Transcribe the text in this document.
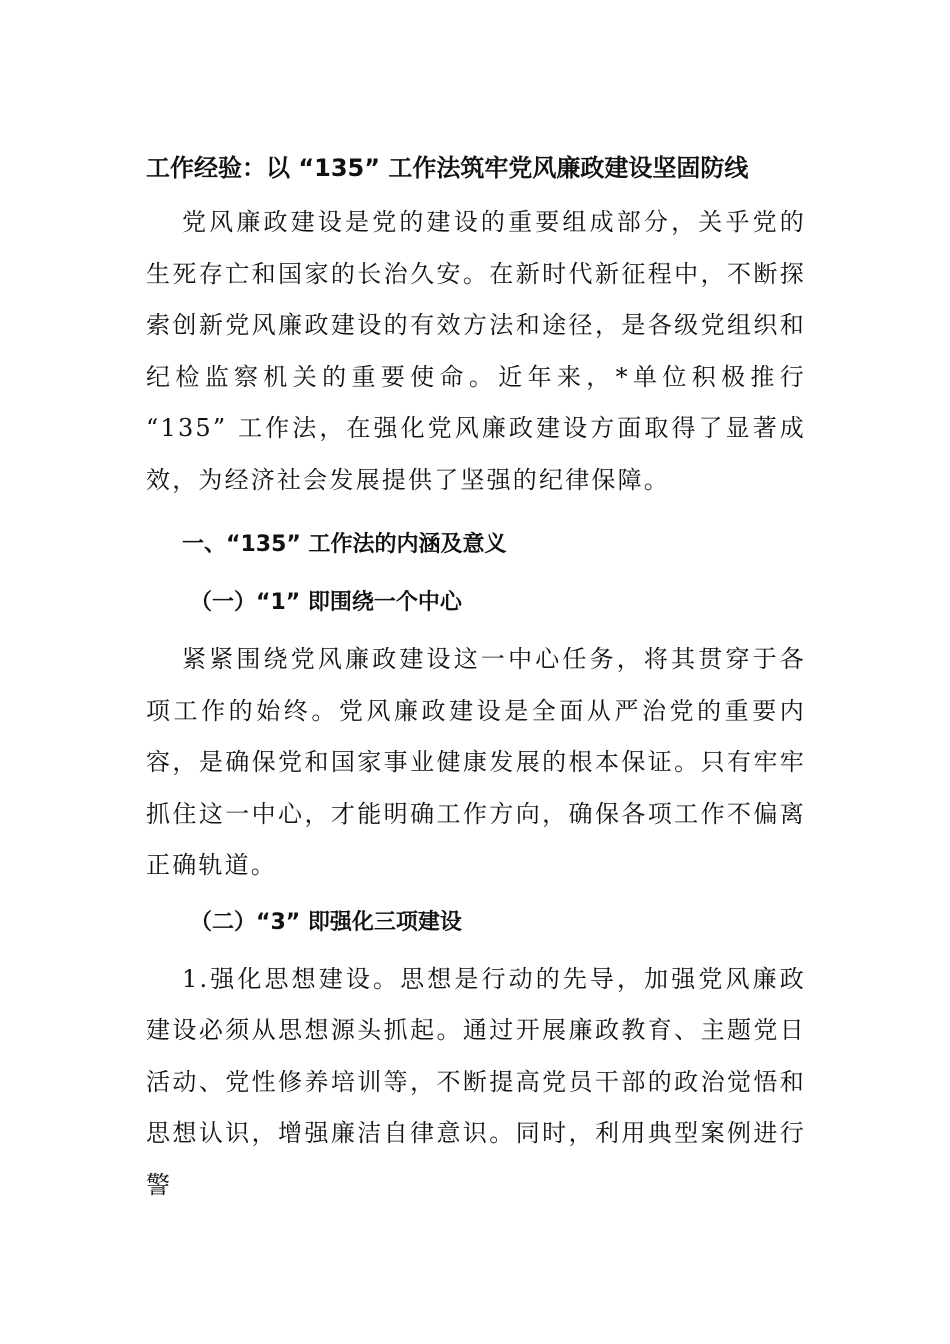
工作经验：以 “135” 工作法筑牢党风廉政建设坚固防线

党风廉政建设是党的建设的重要组成部分，关乎党的生死存亡和国家的长治久安。在新时代新征程中，不断探索创新党风廉政建设的有效方法和途径，是各级党组织和纪检监察机关的重要使命。近年来，*单位积极推行 “135” 工作法，在强化党风廉政建设方面取得了显著成效，为经济社会发展提供了坚强的纪律保障。

一、“135” 工作法的内涵及意义
（一）“1” 即围绕一个中心

紧紧围绕党风廉政建设这一中心任务，将其贯穿于各项工作的始终。党风廉政建设是全面从严治党的重要内容，是确保党和国家事业健康发展的根本保证。只有牢牢抓住这一中心，才能明确工作方向，确保各项工作不偏离正确轨道。

（二）“3” 即强化三项建设

1.强化思想建设。思想是行动的先导，加强党风廉政建设必须从思想源头抓起。通过开展廉政教育、主题党日活动、党性修养培训等，不断提高党员干部的政治觉悟和思想认识，增强廉洁自律意识。同时，利用典型案例进行警
